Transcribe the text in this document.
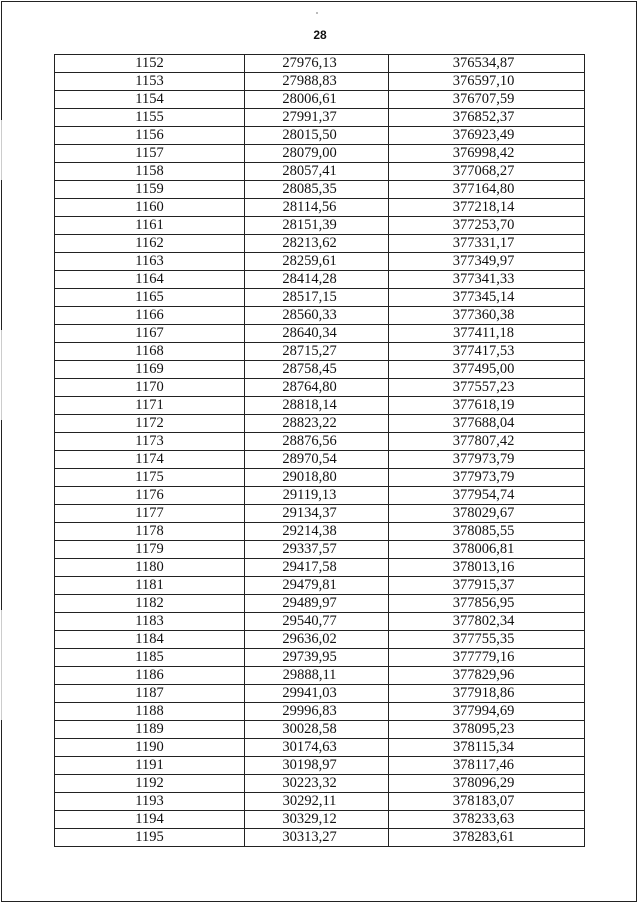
28
1152	27976,13	376534,87
1153	27988,83	376597,10
1154	28006,61	376707,59
1155	27991,37	376852,37
1156	28015,50	376923,49
1157	28079,00	376998,42
1158	28057,41	377068,27
1159	28085,35	377164,80
1160	28114,56	377218,14
1161	28151,39	377253,70
1162	28213,62	377331,17
1163	28259,61	377349,97
1164	28414,28	377341,33
1165	28517,15	377345,14
1166	28560,33	377360,38
1167	28640,34	377411,18
1168	28715,27	377417,53
1169	28758,45	377495,00
1170	28764,80	377557,23
1171	28818,14	377618,19
1172	28823,22	377688,04
1173	28876,56	377807,42
1174	28970,54	377973,79
1175	29018,80	377973,79
1176	29119,13	377954,74
1177	29134,37	378029,67
1178	29214,38	378085,55
1179	29337,57	378006,81
1180	29417,58	378013,16
1181	29479,81	377915,37
1182	29489,97	377856,95
1183	29540,77	377802,34
1184	29636,02	377755,35
1185	29739,95	377779,16
1186	29888,11	377829,96
1187	29941,03	377918,86
1188	29996,83	377994,69
1189	30028,58	378095,23
1190	30174,63	378115,34
1191	30198,97	378117,46
1192	30223,32	378096,29
1193	30292,11	378183,07
1194	30329,12	378233,63
1195	30313,27	378283,61
